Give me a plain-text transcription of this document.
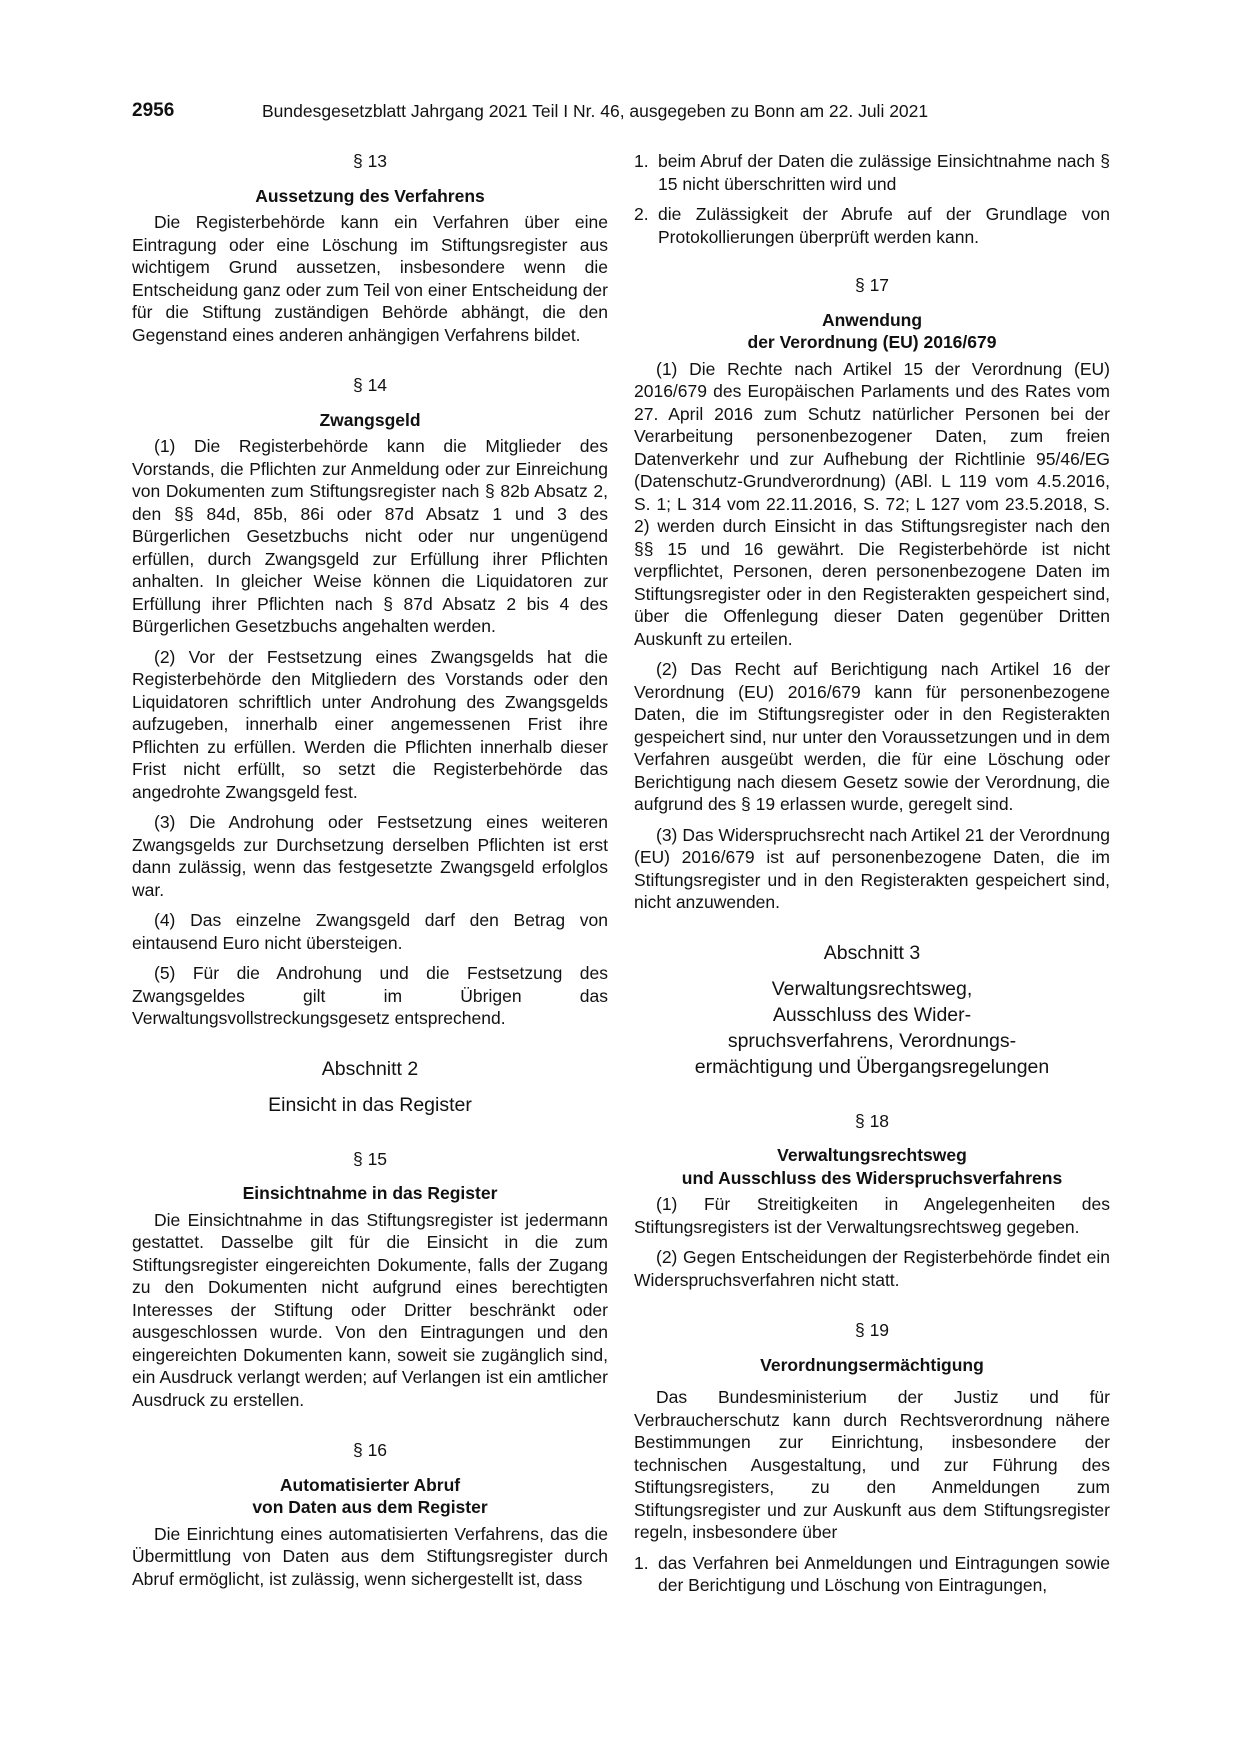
2956	Bundesgesetzblatt Jahrgang 2021 Teil I Nr. 46, ausgegeben zu Bonn am 22. Juli 2021
§ 13
Aussetzung des Verfahrens

Die Registerbehörde kann ein Verfahren über eine Eintragung oder eine Löschung im Stiftungsregister aus wichtigem Grund aussetzen, insbesondere wenn die Entscheidung ganz oder zum Teil von einer Entscheidung der für die Stiftung zuständigen Behörde abhängt, die den Gegenstand eines anderen anhängigen Verfahrens bildet.

§ 14
Zwangsgeld

(1) Die Registerbehörde kann die Mitglieder des Vorstands, die Pflichten zur Anmeldung oder zur Einreichung von Dokumenten zum Stiftungsregister nach § 82b Absatz 2, den §§ 84d, 85b, 86i oder 87d Absatz 1 und 3 des Bürgerlichen Gesetzbuchs nicht oder nur ungenügend erfüllen, durch Zwangsgeld zur Erfüllung ihrer Pflichten anhalten. In gleicher Weise können die Liquidatoren zur Erfüllung ihrer Pflichten nach § 87d Absatz 2 bis 4 des Bürgerlichen Gesetzbuchs angehalten werden.

(2) Vor der Festsetzung eines Zwangsgelds hat die Registerbehörde den Mitgliedern des Vorstands oder den Liquidatoren schriftlich unter Androhung des Zwangsgelds aufzugeben, innerhalb einer angemessenen Frist ihre Pflichten zu erfüllen. Werden die Pflichten innerhalb dieser Frist nicht erfüllt, so setzt die Registerbehörde das angedrohte Zwangsgeld fest.

(3) Die Androhung oder Festsetzung eines weiteren Zwangsgelds zur Durchsetzung derselben Pflichten ist erst dann zulässig, wenn das festgesetzte Zwangsgeld erfolglos war.

(4) Das einzelne Zwangsgeld darf den Betrag von eintausend Euro nicht übersteigen.

(5) Für die Androhung und die Festsetzung des Zwangsgeldes gilt im Übrigen das Verwaltungsvollstreckungsgesetz entsprechend.

Abschnitt 2
Einsicht in das Register
§ 15
Einsichtnahme in das Register

Die Einsichtnahme in das Stiftungsregister ist jedermann gestattet. Dasselbe gilt für die Einsicht in die zum Stiftungsregister eingereichten Dokumente, falls der Zugang zu den Dokumenten nicht aufgrund eines berechtigten Interesses der Stiftung oder Dritter beschränkt oder ausgeschlossen wurde. Von den Eintragungen und den eingereichten Dokumenten kann, soweit sie zugänglich sind, ein Ausdruck verlangt werden; auf Verlangen ist ein amtlicher Ausdruck zu erstellen.

§ 16
Automatisierter Abruf
von Daten aus dem Register

Die Einrichtung eines automatisierten Verfahrens, das die Übermittlung von Daten aus dem Stiftungsregister durch Abruf ermöglicht, ist zulässig, wenn sichergestellt ist, dass

1. beim Abruf der Daten die zulässige Einsichtnahme nach § 15 nicht überschritten wird und
2. die Zulässigkeit der Abrufe auf der Grundlage von Protokollierungen überprüft werden kann.
§ 17
Anwendung
der Verordnung (EU) 2016/679

(1) Die Rechte nach Artikel 15 der Verordnung (EU) 2016/679 des Europäischen Parlaments und des Rates vom 27. April 2016 zum Schutz natürlicher Personen bei der Verarbeitung personenbezogener Daten, zum freien Datenverkehr und zur Aufhebung der Richtlinie 95/46/EG (Datenschutz-Grundverordnung) (ABl. L 119 vom 4.5.2016, S. 1; L 314 vom 22.11.2016, S. 72; L 127 vom 23.5.2018, S. 2) werden durch Einsicht in das Stiftungsregister nach den §§ 15 und 16 gewährt. Die Registerbehörde ist nicht verpflichtet, Personen, deren personenbezogene Daten im Stiftungsregister oder in den Registerakten gespeichert sind, über die Offenlegung dieser Daten gegenüber Dritten Auskunft zu erteilen.

(2) Das Recht auf Berichtigung nach Artikel 16 der Verordnung (EU) 2016/679 kann für personenbezogene Daten, die im Stiftungsregister oder in den Registerakten gespeichert sind, nur unter den Voraussetzungen und in dem Verfahren ausgeübt werden, die für eine Löschung oder Berichtigung nach diesem Gesetz sowie der Verordnung, die aufgrund des § 19 erlassen wurde, geregelt sind.

(3) Das Widerspruchsrecht nach Artikel 21 der Verordnung (EU) 2016/679 ist auf personenbezogene Daten, die im Stiftungsregister und in den Registerakten gespeichert sind, nicht anzuwenden.

Abschnitt 3
Verwaltungsrechtsweg,
Ausschluss des Wider-
spruchsverfahrens, Verordnungs-
ermächtigung und Übergangsregelungen
§ 18
Verwaltungsrechtsweg
und Ausschluss des Widerspruchsverfahrens

(1) Für Streitigkeiten in Angelegenheiten des Stiftungsregisters ist der Verwaltungsrechtsweg gegeben.

(2) Gegen Entscheidungen der Registerbehörde findet ein Widerspruchsverfahren nicht statt.

§ 19
Verordnungsermächtigung

Das Bundesministerium der Justiz und für Verbraucherschutz kann durch Rechtsverordnung nähere Bestimmungen zur Einrichtung, insbesondere der technischen Ausgestaltung, und zur Führung des Stiftungsregisters, zu den Anmeldungen zum Stiftungsregister und zur Auskunft aus dem Stiftungsregister regeln, insbesondere über

1. das Verfahren bei Anmeldungen und Eintragungen sowie der Berichtigung und Löschung von Eintragungen,
